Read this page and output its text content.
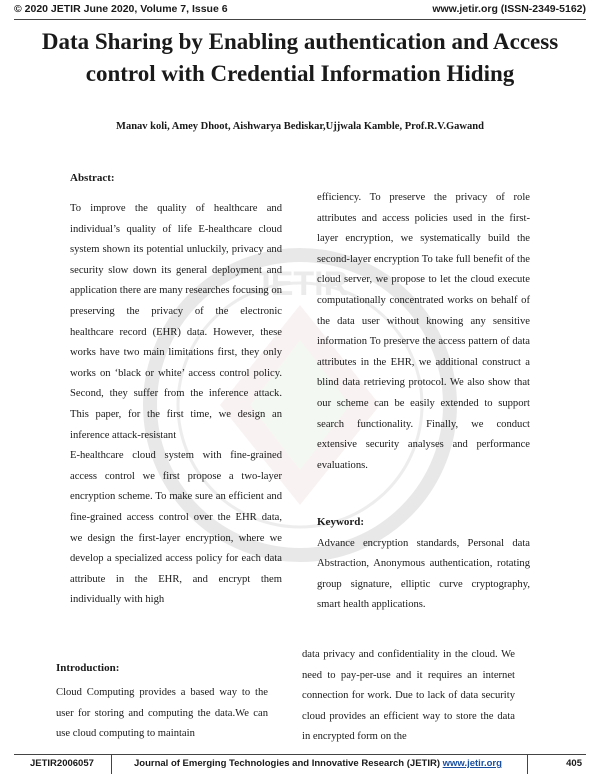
© 2020 JETIR June 2020, Volume 7, Issue 6	www.jetir.org (ISSN-2349-5162)
JETIR
Data Sharing by Enabling authentication and Access control with Credential Information Hiding
Manav koli, Amey Dhoot, Aishwarya Bediskar,Ujjwala Kamble, Prof.R.V.Gawand
Abstract:

To improve the quality of healthcare and individual’s quality of life E-healthcare cloud system shown its potential unluckily, privacy and security slow down its general deployment and application there are many researches focusing on preserving the privacy of the electronic healthcare record (EHR) data. However, these works have two main limitations first, they only works on ‘black or white’ access control policy. Second, they suffer from the inference attack. This paper, for the first time, we design an inference attack-resistant

E-healthcare cloud system with fine-grained access control we first propose a two-layer encryption scheme. To make sure an efficient and fine-grained access control over the EHR data, we design the first-layer encryption, where we develop a specialized access policy for each data attribute in the EHR, and encrypt them individually with high

efficiency. To preserve the privacy of role attributes and access policies used in the first-layer encryption, we systematically build the second-layer encryption To take full benefit of the cloud server, we propose to let the cloud execute computationally concentrated works on behalf of the data user without knowing any sensitive information To preserve the access pattern of data attributes in the EHR, we additional construct a blind data retrieving protocol. We also show that our scheme can be easily extended to support search functionality. Finally, we conduct extensive security analyses and performance evaluations.

Keyword:

Advance encryption standards, Personal data Abstraction, Anonymous authentication, rotating group signature, elliptic curve cryptography, smart health applications.

Introduction:

Cloud Computing provides a based way to the user for storing and computing the data.We can use cloud computing to maintain

data privacy and confidentiality in the cloud. We need to pay-per-use and it requires an internet connection for work. Due to lack of data security cloud provides an efficient way to store the data in encrypted form on the

JETIR2006057	Journal of Emerging Technologies and Innovative Research (JETIR) www.jetir.org	405
